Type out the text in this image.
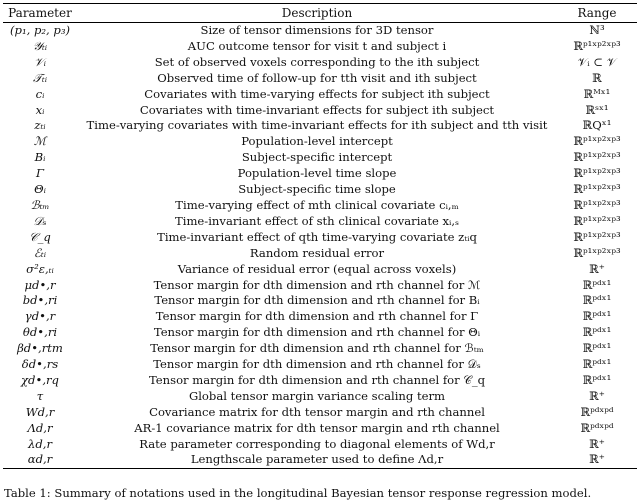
Parameter	Description	Range
(p₁, p₂, p₃)	Size of tensor dimensions for 3D tensor	ℕ³
𝒴ₜᵢ	AUC outcome tensor for visit t and subject i	ℝᵖ¹ˣᵖ²ˣᵖ³
𝒱ᵢ	Set of observed voxels corresponding to the ith subject	𝒱ᵢ ⊂ 𝒱
𝒯ₜᵢ	Observed time of follow-up for tth visit and ith subject	ℝ
cᵢ	Covariates with time-varying effects for subject ith subject	ℝᴹˣ¹
xᵢ	Covariates with time-invariant effects for subject ith subject	ℝˢˣ¹
zₜᵢ	Time-varying covariates with time-invariant effects for ith subject and tth visit	ℝQˣ¹
ℳ	Population-level intercept	ℝᵖ¹ˣᵖ²ˣᵖ³
Bᵢ	Subject-specific intercept	ℝᵖ¹ˣᵖ²ˣᵖ³
Γ	Population-level time slope	ℝᵖ¹ˣᵖ²ˣᵖ³
Θᵢ	Subject-specific time slope	ℝᵖ¹ˣᵖ²ˣᵖ³
ℬₜₘ	Time-varying effect of mth clinical covariate cᵢ,ₘ	ℝᵖ¹ˣᵖ²ˣᵖ³
𝒟ₛ	Time-invariant effect of sth clinical covariate xᵢ,ₛ	ℝᵖ¹ˣᵖ²ˣᵖ³
𝒞_q	Time-invariant effect of qth time-varying covariate zₜᵢq	ℝᵖ¹ˣᵖ²ˣᵖ³
ℰₜᵢ	Random residual error	ℝᵖ¹ˣᵖ²ˣᵖ³
σ²ε,ₜᵢ	Variance of residual error (equal across voxels)	ℝ⁺
μd•,r	Tensor margin for dth dimension and rth channel for ℳ	ℝᵖᵈˣ¹
bd•,ri	Tensor margin for dth dimension and rth channel for Bᵢ	ℝᵖᵈˣ¹
γd•,r	Tensor margin for dth dimension and rth channel for Γ	ℝᵖᵈˣ¹
θd•,ri	Tensor margin for dth dimension and rth channel for Θᵢ	ℝᵖᵈˣ¹
βd•,rtm	Tensor margin for dth dimension and rth channel for ℬₜₘ	ℝᵖᵈˣ¹
δd•,rs	Tensor margin for dth dimension and rth channel for 𝒟ₛ	ℝᵖᵈˣ¹
χd•,rq	Tensor margin for dth dimension and rth channel for 𝒞_q	ℝᵖᵈˣ¹
τ	Global tensor margin variance scaling term	ℝ⁺
Wd,r	Covariance matrix for dth tensor margin and rth channel	ℝᵖᵈˣᵖᵈ
Λd,r	AR-1 covariance matrix for dth tensor margin and rth channel	ℝᵖᵈˣᵖᵈ
λd,r	Rate parameter corresponding to diagonal elements of Wd,r	ℝ⁺
αd,r	Lengthscale parameter used to define Λd,r	ℝ⁺
Table 1: Summary of notations used in the longitudinal Bayesian tensor response regression model.
